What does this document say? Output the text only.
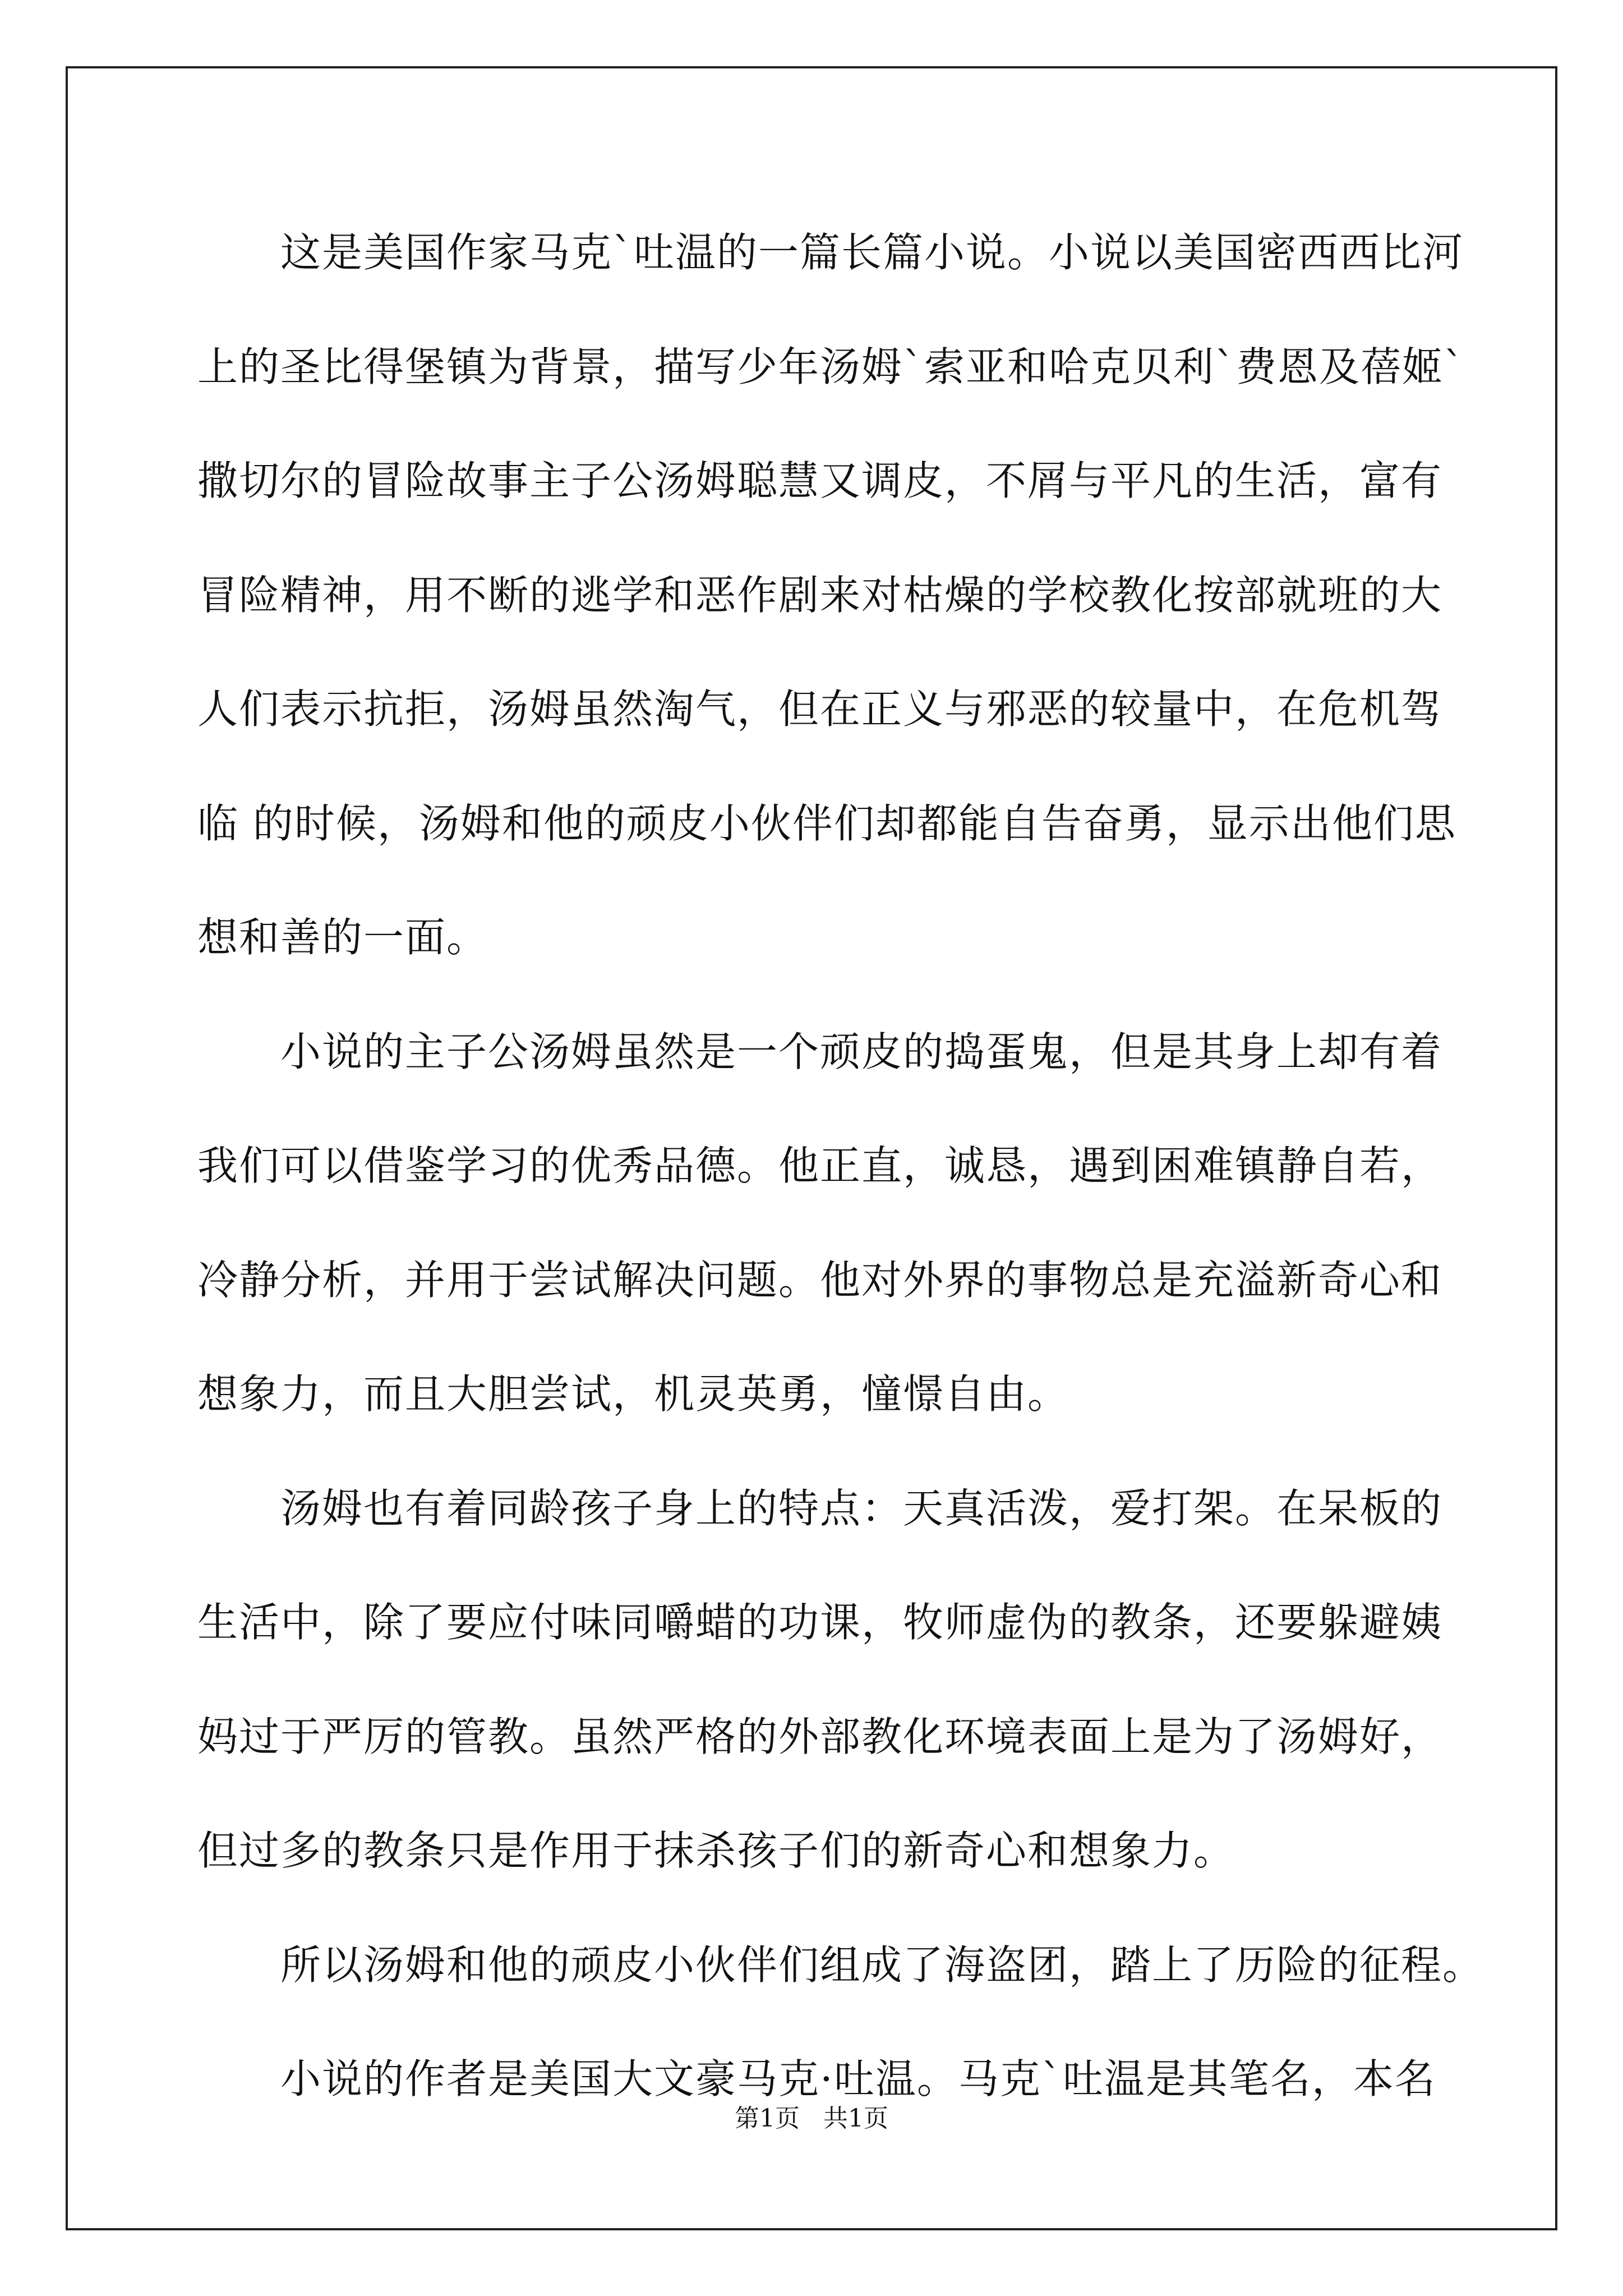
这是美国作家马克`吐温的一篇长篇小说。小说以美国密西西比河
上的圣比得堡镇为背景，描写少年汤姆`索亚和哈克贝利`费恩及蓓姬`
撒切尔的冒险故事主子公汤姆聪慧又调皮，不屑与平凡的生活，富有
冒险精神，用不断的逃学和恶作剧来对枯燥的学校教化按部就班的大
人们表示抗拒，汤姆虽然淘气，但在正义与邪恶的较量中，在危机驾
临 的时候，汤姆和他的顽皮小伙伴们却都能自告奋勇，显示出他们思
想和善的一面。
小说的主子公汤姆虽然是一个顽皮的捣蛋鬼，但是其身上却有着
我们可以借鉴学习的优秀品德。他正直，诚恳，遇到困难镇静自若，
冷静分析，并用于尝试解决问题。他对外界的事物总是充溢新奇心和
想象力，而且大胆尝试，机灵英勇，憧憬自由。
汤姆也有着同龄孩子身上的特点：天真活泼，爱打架。在呆板的
生活中，除了要应付味同嚼蜡的功课，牧师虚伪的教条，还要躲避姨
妈过于严厉的管教。虽然严格的外部教化环境表面上是为了汤姆好，
但过多的教条只是作用于抹杀孩子们的新奇心和想象力。
所以汤姆和他的顽皮小伙伴们组成了海盗团，踏上了历险的征程。
小说的作者是美国大文豪马克·吐温。马克`吐温是其笔名，本名
第1页   共1页
